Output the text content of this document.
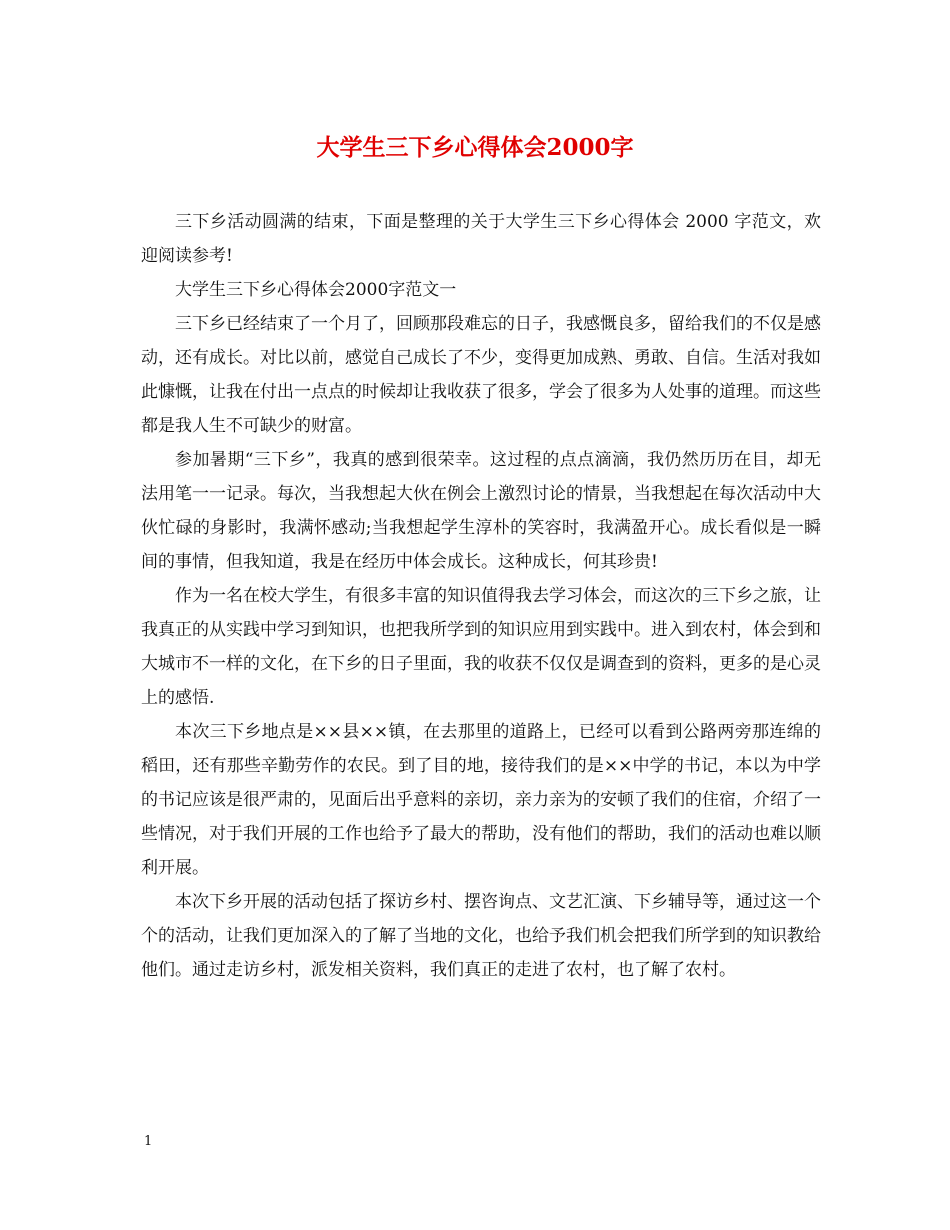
大学生三下乡心得体会2000字

三下乡活动圆满的结束，下面是整理的关于大学生三下乡心得体会 2000 字范文，欢迎阅读参考!

大学生三下乡心得体会2000字范文一

三下乡已经结束了一个月了，回顾那段难忘的日子，我感慨良多，留给我们的不仅是感动，还有成长。对比以前，感觉自己成长了不少，变得更加成熟、勇敢、自信。生活对我如此慷慨，让我在付出一点点的时候却让我收获了很多，学会了很多为人处事的道理。而这些都是我人生不可缺少的财富。

参加暑期“三下乡”，我真的感到很荣幸。这过程的点点滴滴，我仍然历历在目，却无法用笔一一记录。每次，当我想起大伙在例会上激烈讨论的情景，当我想起在每次活动中大伙忙碌的身影时，我满怀感动;当我想起学生淳朴的笑容时，我满盈开心。成长看似是一瞬间的事情，但我知道，我是在经历中体会成长。这种成长，何其珍贵!

作为一名在校大学生，有很多丰富的知识值得我去学习体会，而这次的三下乡之旅，让我真正的从实践中学习到知识，也把我所学到的知识应用到实践中。进入到农村，体会到和大城市不一样的文化，在下乡的日子里面，我的收获不仅仅是调查到的资料，更多的是心灵上的感悟.

本次三下乡地点是××县××镇，在去那里的道路上，已经可以看到公路两旁那连绵的稻田，还有那些辛勤劳作的农民。到了目的地，接待我们的是××中学的书记，本以为中学的书记应该是很严肃的，见面后出乎意料的亲切，亲力亲为的安顿了我们的住宿，介绍了一些情况，对于我们开展的工作也给予了最大的帮助，没有他们的帮助，我们的活动也难以顺利开展。

本次下乡开展的活动包括了探访乡村、摆咨询点、文艺汇演、下乡辅导等，通过这一个个的活动，让我们更加深入的了解了当地的文化，也给予我们机会把我们所学到的知识教给他们。通过走访乡村，派发相关资料，我们真正的走进了农村，也了解了农村。

1
